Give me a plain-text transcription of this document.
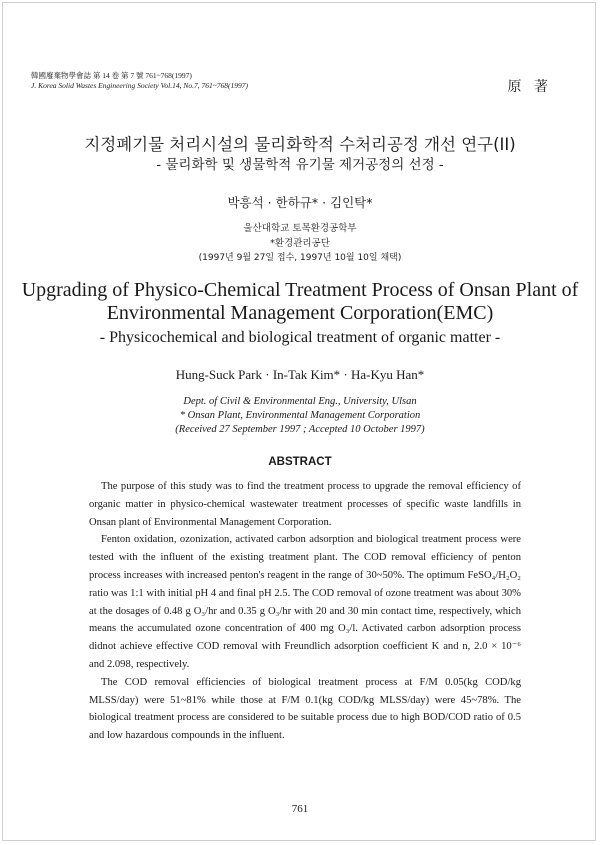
韓國廢棄物學會誌 第 14 卷 第 7 號 761~768(1997)
J. Korea Solid Wastes Engineering Society Vol.14, No.7, 761~768(1997)	原 著
지정폐기물 처리시설의 물리화학적 수처리공정 개선 연구(II)
- 물리화학 및 생물학적 유기물 제거공정의 선정 -
박흥석 · 한하규* · 김인탁*
울산대학교 토목환경공학부
*환경관리공단
(1997년 9월 27일 접수, 1997년 10월 10일 채택)
Upgrading of Physico-Chemical Treatment Process of Onsan Plant of
Environmental Management Corporation(EMC)
- Physicochemical and biological treatment of organic matter -
Hung-Suck Park · In-Tak Kim* · Ha-Kyu Han*
Dept. of Civil & Environmental Eng., University, Ulsan
* Onsan Plant, Environmental Management Corporation
(Received 27 September 1997 ; Accepted 10 October 1997)
ABSTRACT

The purpose of this study was to find the treatment process to upgrade the removal efficiency of organic matter in physico-chemical wastewater treatment processes of specific waste landfills in Onsan plant of Environmental Management Corporation.

Fenton oxidation, ozonization, activated carbon adsorption and biological treatment process were tested with the influent of the existing treatment plant. The COD removal efficiency of penton process increases with increased penton's reagent in the range of 30~50%. The optimum FeSO₄/H₂O₂ ratio was 1:1 with initial pH 4 and final pH 2.5. The COD removal of ozone treatment was about 30% at the dosages of 0.48 g O₃/hr and 0.35 g O₃/hr with 20 and 30 min contact time, respectively, which means the accumulated ozone concentration of 400 mg O₃/l. Activated carbon adsorption process didnot achieve effective COD removal with Freundlich adsorption coefficient K and n, 2.0 × 10⁻⁶ and 2.098, respectively.

The COD removal efficiencies of biological treatment process at F/M 0.05(kg COD/kg MLSS/day) were 51~81% while those at F/M 0.1(kg COD/kg MLSS/day) were 45~78%. The biological treatment process are considered to be suitable process due to high BOD/COD ratio of 0.5 and low hazardous compounds in the influent.

761
